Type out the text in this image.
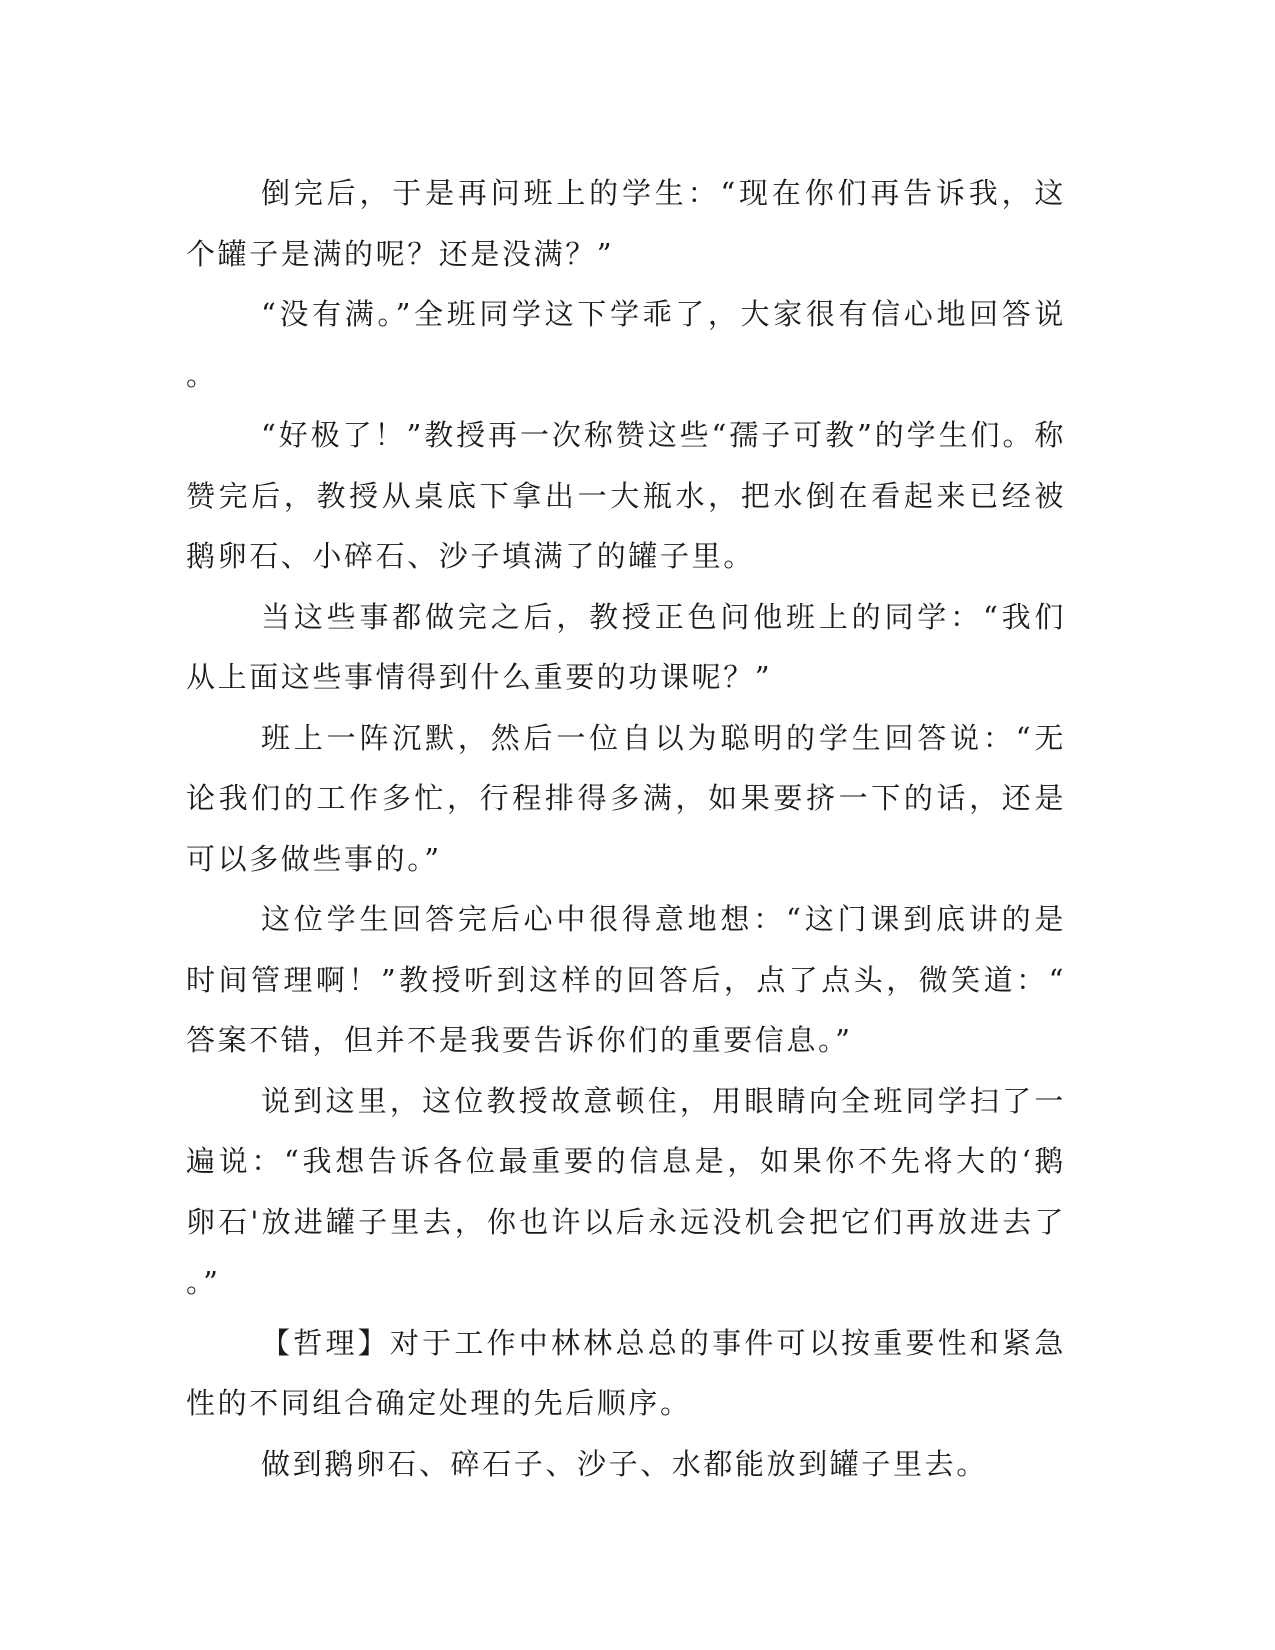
倒完后，于是再问班上的学生：“现在你们再告诉我，这个罐子是满的呢？还是没满？”

“没有满。”全班同学这下学乖了，大家很有信心地回答说。

“好极了！”教授再一次称赞这些“孺子可教”的学生们。称赞完后，教授从桌底下拿出一大瓶水，把水倒在看起来已经被鹅卵石、小碎石、沙子填满了的罐子里。

当这些事都做完之后，教授正色问他班上的同学：“我们从上面这些事情得到什么重要的功课呢？”

班上一阵沉默，然后一位自以为聪明的学生回答说：“无论我们的工作多忙，行程排得多满，如果要挤一下的话，还是可以多做些事的。”

这位学生回答完后心中很得意地想：“这门课到底讲的是时间管理啊！”教授听到这样的回答后，点了点头，微笑道：“答案不错，但并不是我要告诉你们的重要信息。”

说到这里，这位教授故意顿住，用眼睛向全班同学扫了一遍说：“我想告诉各位最重要的信息是，如果你不先将大的‘鹅卵石'放进罐子里去，你也许以后永远没机会把它们再放进去了。”

【哲理】对于工作中林林总总的事件可以按重要性和紧急性的不同组合确定处理的先后顺序。

做到鹅卵石、碎石子、沙子、水都能放到罐子里去。
